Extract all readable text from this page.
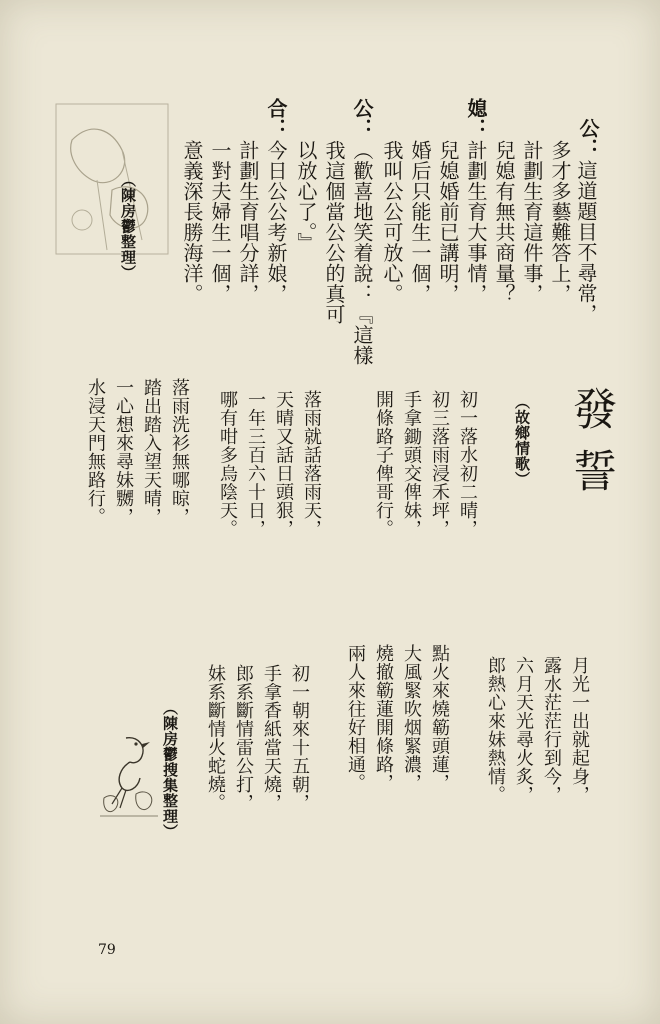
公：
這道題目不尋常，
多才多藝難答上，
計劃生育這件事，
兒媳有無共商量？
媳：
計劃生育大事情，
兒媳婚前已講明，
婚后只能生一個，
我叫公公可放心。
公：
（歡喜地笑着說：『這樣
我這個當公公的真可
以放心了。』
合：
今日公公考新娘，
計劃生育唱分詳，
一對夫婦生一個，
意義深長勝海洋。
（陳房鬱整理）
發誓
（故鄉情歌）
初一落水初二晴，
初三落雨浸禾坪，
手拿鋤頭交俾妹，
開條路子俾哥行。
落雨就話落雨天，
天晴又話日頭狠，
一年三百六十日，
哪有咁多烏陰天。
落雨洗衫無哪晾，
踏出踏入望天晴，
一心想來尋妹嬲，
水浸天門無路行。
月光一出就起身，
露水茫茫行到今，
六月天光尋火炙，
郎熱心來妹熱情。
點火來燒簕頭蓮，
大風緊吹烟緊濃，
燒撤簕蓮開條路，
兩人來往好相通。
初一朝來十五朝，
手拿香紙當天燒，
郎系斷情雷公打，
妹系斷情火蛇燒。
（陳房鬱搜集整理）
79
